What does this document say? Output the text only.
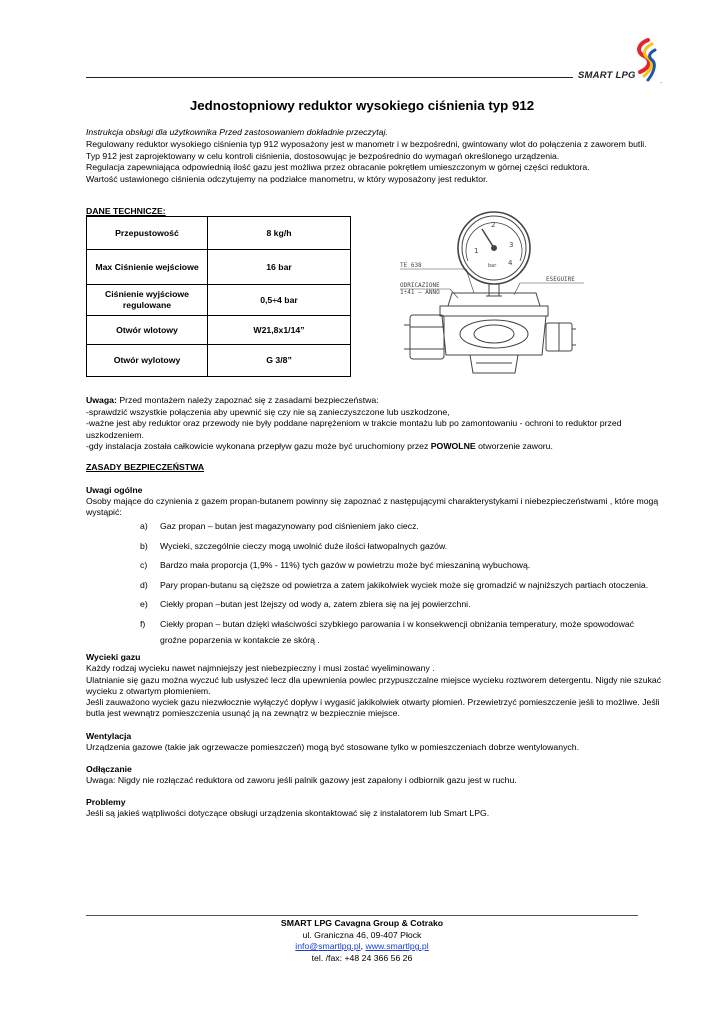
SMART LPG	.
Jednostopniowy reduktor wysokiego ciśnienia typ 912

Instrukcja obsługi dla użytkownika Przed zastosowaniem dokładnie przeczytaj.

Regulowany reduktor wysokiego ciśnienia typ 912 wyposażony jest w manometr i w bezpośredni, gwintowany wlot do połączenia z zaworem butli.

Typ 912 jest zaprojektowany w celu kontroli ciśnienia, dostosowując je bezpośrednio do wymagań określonego urządzenia.

Regulacja zapewniająca odpowiednią ilość gazu jest możliwa przez obracanie pokrętłem umieszczonym w górnej części reduktora.

Wartość ustawionego ciśnienia odczytujemy na podziałce manometru, w który wyposażony jest reduktor.

DANE TECHNICZE:
Przepustowość	8 kg/h
Max Ciśnienie wejściowe	16 bar
Ciśnienie wyjściowe regulowane	0,5÷4 bar
Otwór wlotowy	W21,8x1/14”
Otwór wylotowy	G 3/8”
TE 638
ODRICAZIONE
1÷41 – ANNO
ESEGUIRE
1
2
3
4
bar

Uwaga: Przed montażem należy zapoznać się z zasadami bezpieczeństwa:

-sprawdzić wszystkie połączenia aby upewnić się czy nie są zanieczyszczone lub uszkodzone,

-ważne jest aby reduktor oraz przewody nie były poddane naprężeniom w trakcie montażu lub po zamontowaniu - ochroni to reduktor przed uszkodzeniem.

-gdy instalacja została całkowicie wykonana przepływ gazu może być uruchomiony przez POWOLNE otworzenie zaworu.

ZASADY BEZPIECZEŃSTWA
Uwagi ogólne
Osoby mające do czynienia z gazem propan-butanem powinny się zapoznać z następującymi charakterystykami i niebezpieczeństwami , które mogą wystąpić:
a) Gaz propan – butan jest magazynowany pod ciśnieniem jako ciecz.
b) Wycieki, szczególnie cieczy mogą uwolnić duże ilości łatwopalnych gazów.
c) Bardzo mała proporcja (1,9% - 11%) tych gazów w powietrzu może być mieszaniną wybuchową.
d) Pary propan-butanu są cięższe od powietrza a zatem jakikolwiek wyciek może się gromadzić w najniższych partiach otoczenia.
e) Ciekły propan –butan jest lżejszy od wody a, zatem zbiera się na jej powierzchni.
f) Ciekły propan – butan dzięki właściwości szybkiego parowania i w konsekwencji obniżania temperatury, może spowodować groźne poparzenia w kontakcie ze skórą .

Wycieki gazu

Każdy rodzaj wycieku nawet najmniejszy jest niebezpieczny i musi zostać wyeliminowany .

Ulatnianie się gazu można wyczuć lub usłyszeć lecz dla upewnienia powlec przypuszczalne miejsce wycieku roztworem detergentu. Nigdy nie szukać wycieku z otwartym płomieniem.

Jeśli zauważono wyciek gazu niezwłocznie wyłączyć dopływ i wygasić jakikolwiek otwarty płomień. Przewietrzyć pomieszczenie jeśli to możliwe. Jeśli butla jest wewnątrz pomieszczenia usunąć ją na zewnątrz w bezpiecznie miejsce.

Wentylacja

Urządzenia gazowe (takie jak ogrzewacze pomieszczeń) mogą być stosowane tylko w pomieszczeniach dobrze wentylowanych.

Odłączanie

Uwaga: Nigdy nie rozłączać reduktora od zaworu jeśli palnik gazowy jest zapalony i odbiornik gazu jest w ruchu.

Problemy

Jeśli są jakieś wątpliwości dotyczące obsługi urządzenia skontaktować się z instalatorem lub Smart LPG.

SMART LPG Cavagna Group & Cotrako
ul. Graniczna 46, 09-407 Płock
info@smartlpg.pl, www.smartlpg.pl
tel. /fax: +48 24 366 56 26
